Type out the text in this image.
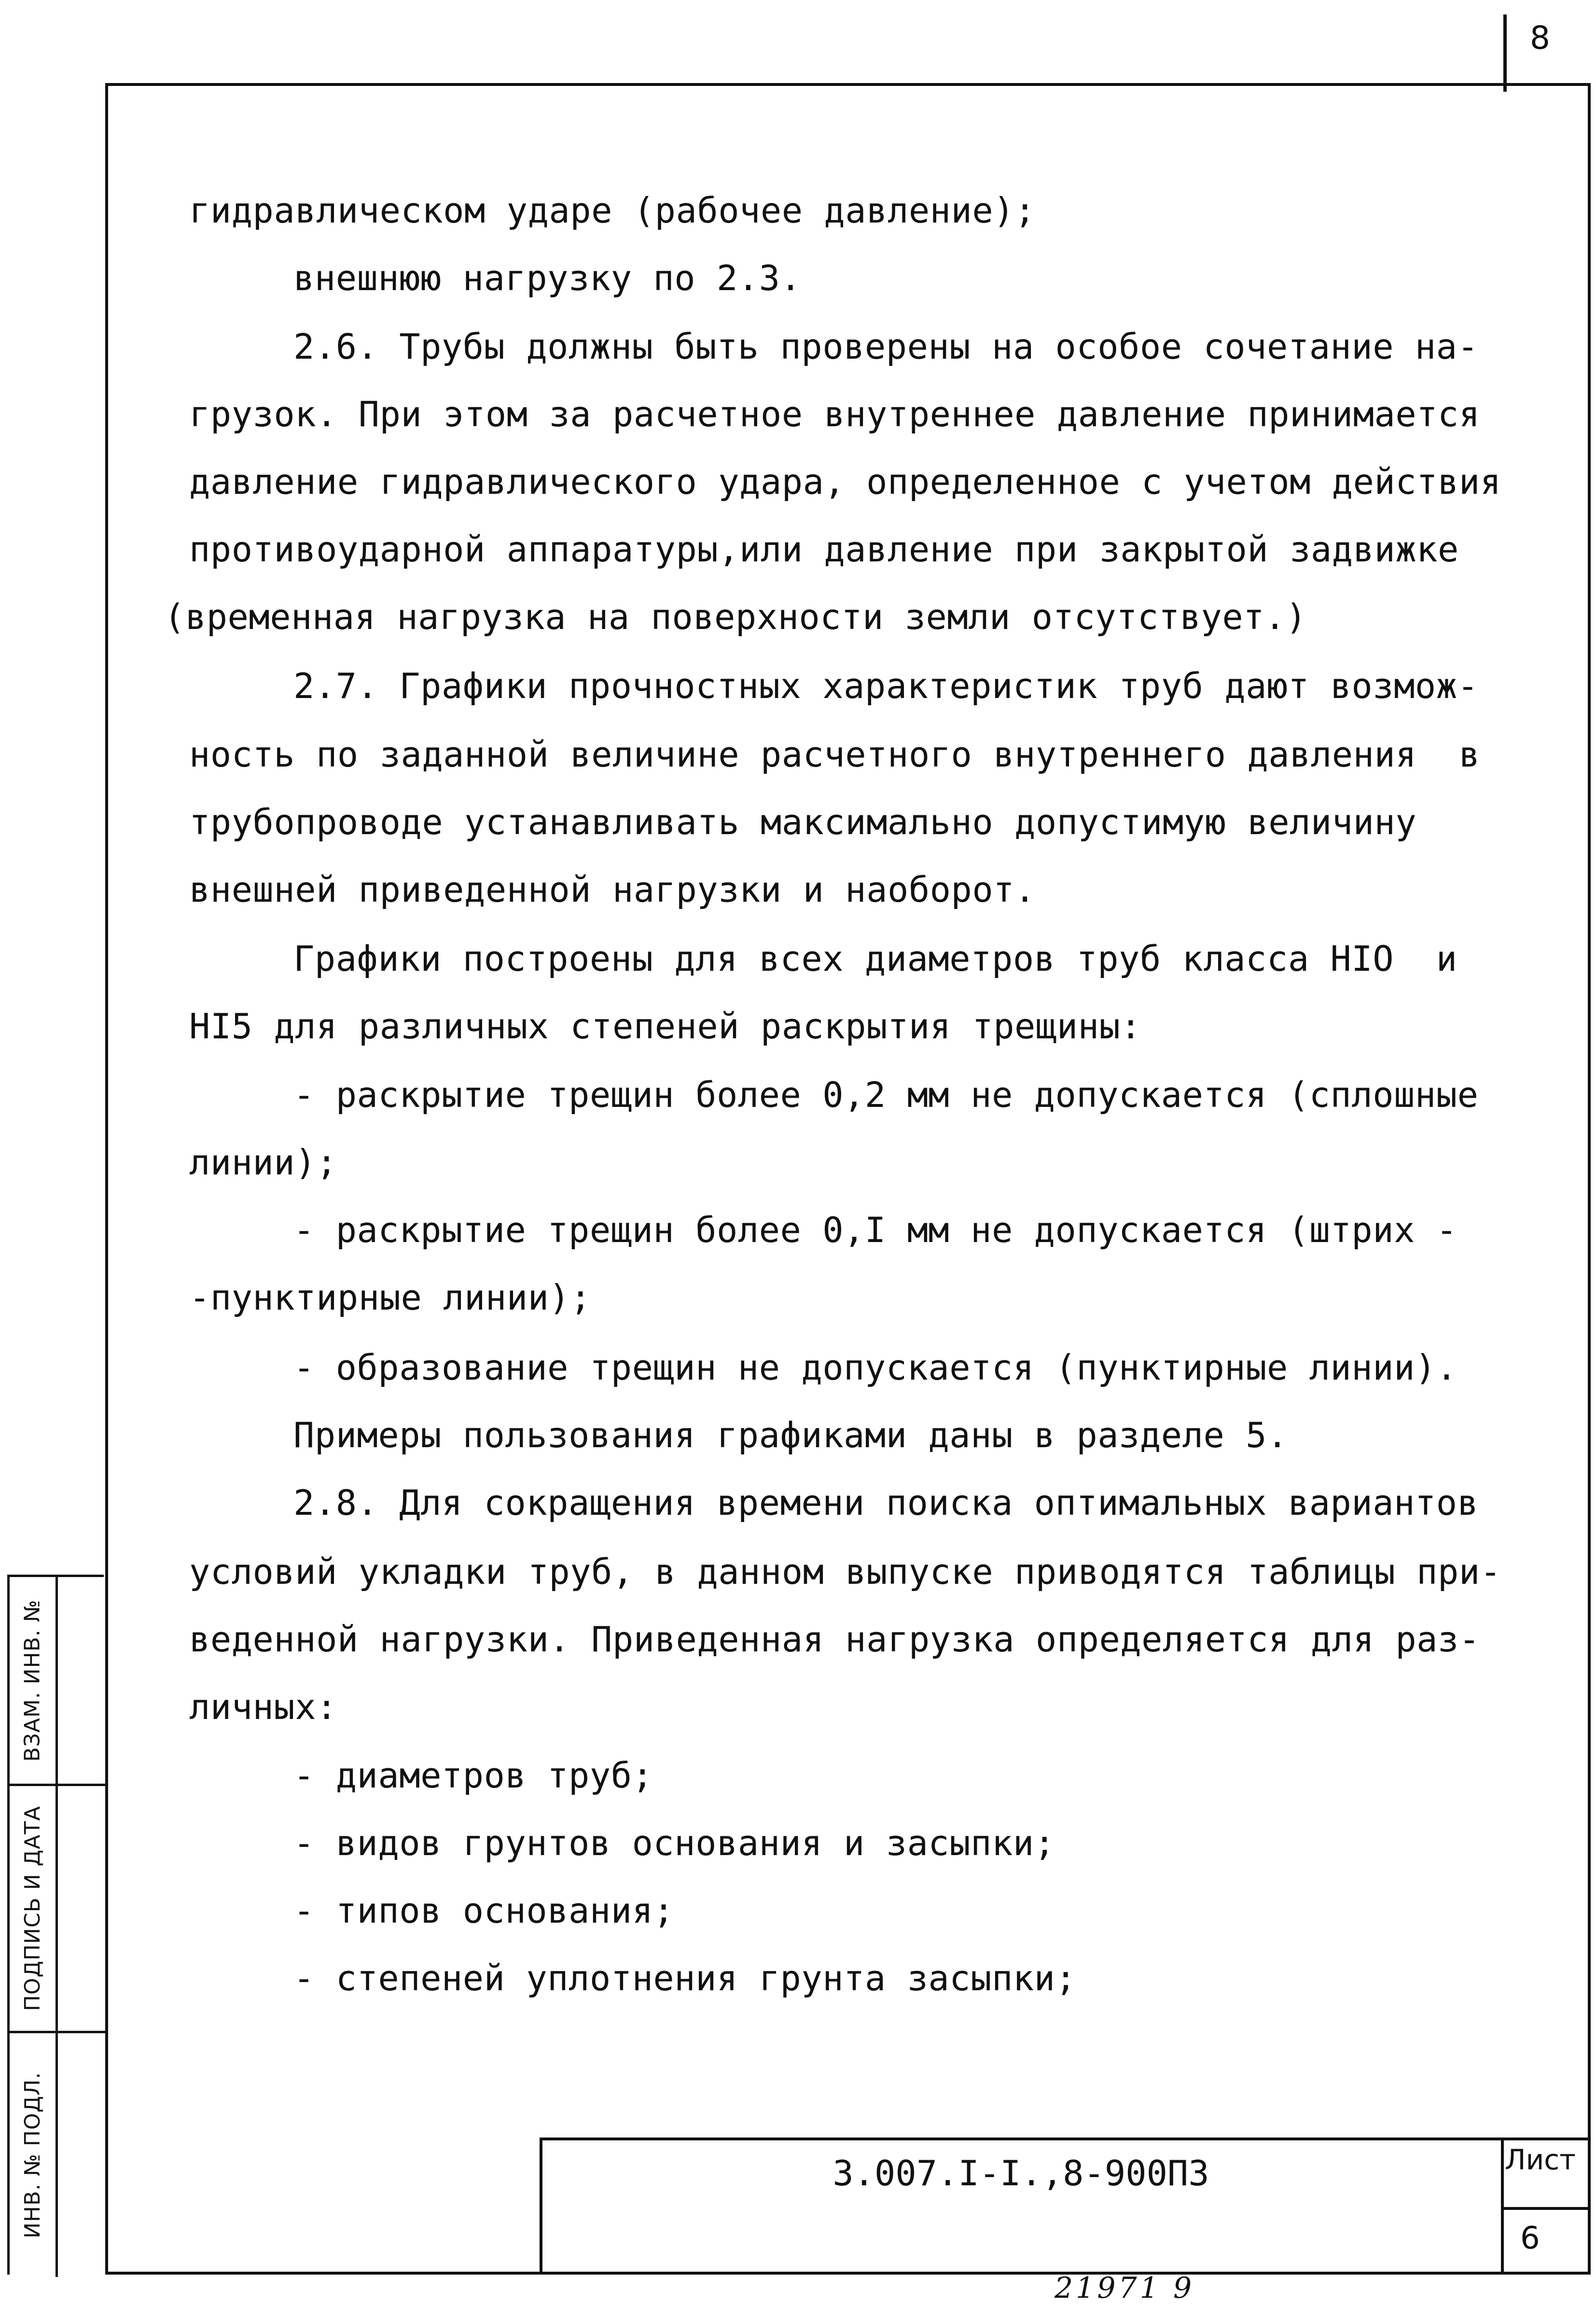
8
гидравлическом ударе (рабочее давление);
внешнюю нагрузку по 2.3.
2.6. Трубы должны быть проверены на особое сочетание на-
грузок. При этом за расчетное внутреннее давление принимается
давление гидравлического удара, определенное с учетом действия
противоударной аппаратуры,или давление при закрытой задвижке
(временная нагрузка на поверхности земли отсутствует.)
2.7. Графики прочностных характеристик труб дают возмож-
ность по заданной величине расчетного внутреннего давления  в
трубопроводе устанавливать максимально допустимую величину
внешней приведенной нагрузки и наоборот.
Графики построены для всех диаметров труб класса HIO  и
HI5 для различных степеней раскрытия трещины:
- раскрытие трещин более 0,2 мм не допускается (сплошные
линии);
- раскрытие трещин более 0,I мм не допускается (штрих -
-пунктирные линии);
- образование трещин не допускается (пунктирные линии).
Примеры пользования графиками даны в разделе 5.
2.8. Для сокращения времени поиска оптимальных вариантов
условий укладки труб, в данном выпуске приводятся таблицы при-
веденной нагрузки. Приведенная нагрузка определяется для раз-
личных:
- диаметров труб;
- видов грунтов основания и засыпки;
- типов основания;
- степеней уплотнения грунта засыпки;
ВЗАМ. ИНВ. №
ПОДПИСЬ И ДАТА
ИНВ. № ПОДЛ.	3.007.I-I.,8-900ПЗ	Лист
6
21971 9
